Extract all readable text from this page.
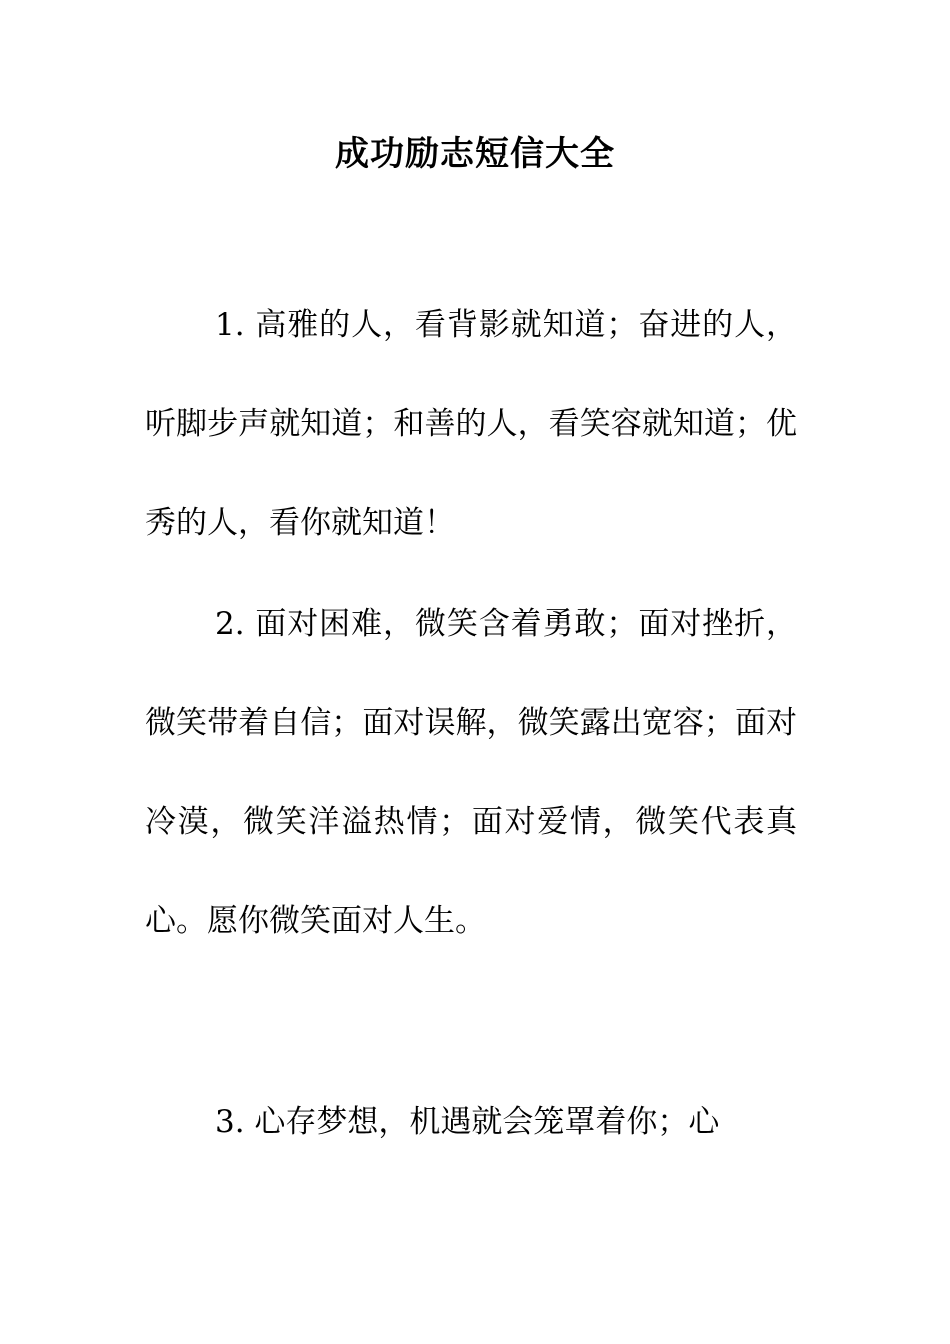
成功励志短信大全

1. 高雅的人，看背影就知道；奋进的人，听脚步声就知道；和善的人，看笑容就知道；优秀的人，看你就知道！

2. 面对困难，微笑含着勇敢；面对挫折，微笑带着自信；面对误解，微笑露出宽容；面对冷漠，微笑洋溢热情；面对爱情，微笑代表真心。愿你微笑面对人生。

3. 心存梦想，机遇就会笼罩着你；心
